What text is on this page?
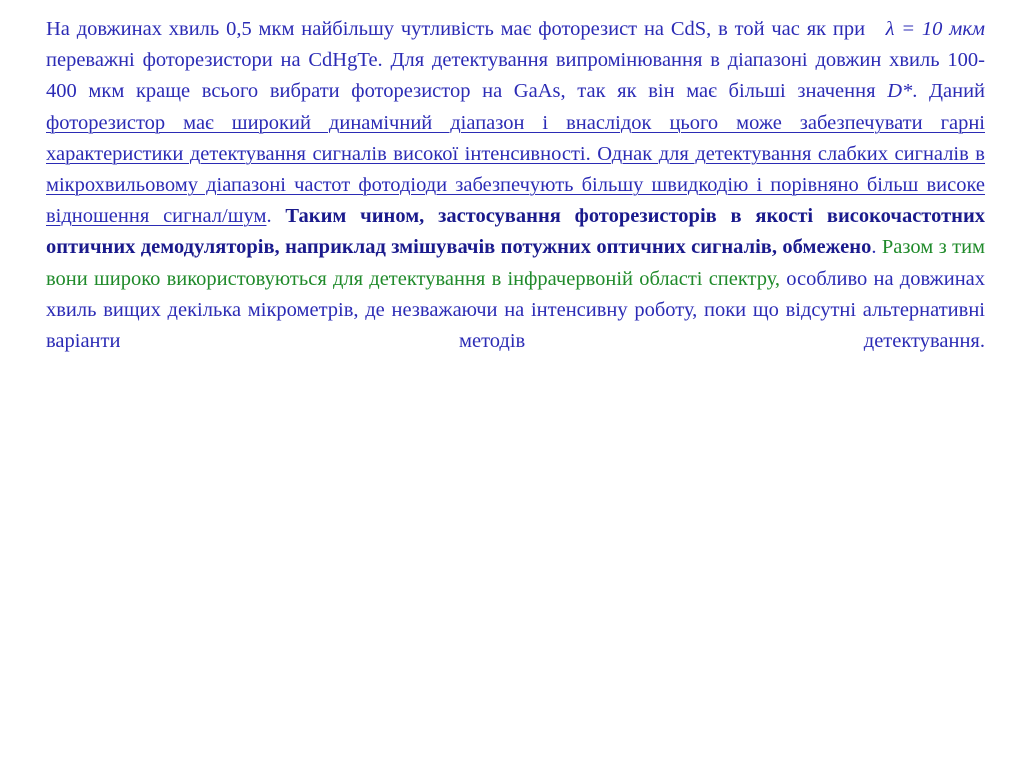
На довжинах хвиль 0,5 мкм найбільшу чутливість має фоторезист на CdS, в той час як при λ = 10 мкм переважні фоторезистори на CdHgTe. Для детектування випромінювання в діапазоні довжин хвиль 100- 400 мкм краще всього вибрати фоторезистор на GaAs, так як він має більші значення D*. Даний фоторезистор має широкий динамічний діапазон і внаслідок цього може забезпечувати гарні характеристики детектування сигналів високої інтенсивності. Однак для детектування слабких сигналів в мікрохвильовому діапазоні частот фотодіоди забезпечують більшу швидкодію і порівняно більш високе відношення сигнал/шум. Таким чином, застосування фоторезисторів в якості високочастотних оптичних демодуляторів, наприклад змішувачів потужних оптичних сигналів, обмежено. Разом з тим вони широко використовуються для детектування в інфрачервоній області спектру, особливо на довжинах хвиль вищих декілька мікрометрів, де незважаючи на інтенсивну роботу, поки що відсутні альтернативні варіанти методів детектування.
